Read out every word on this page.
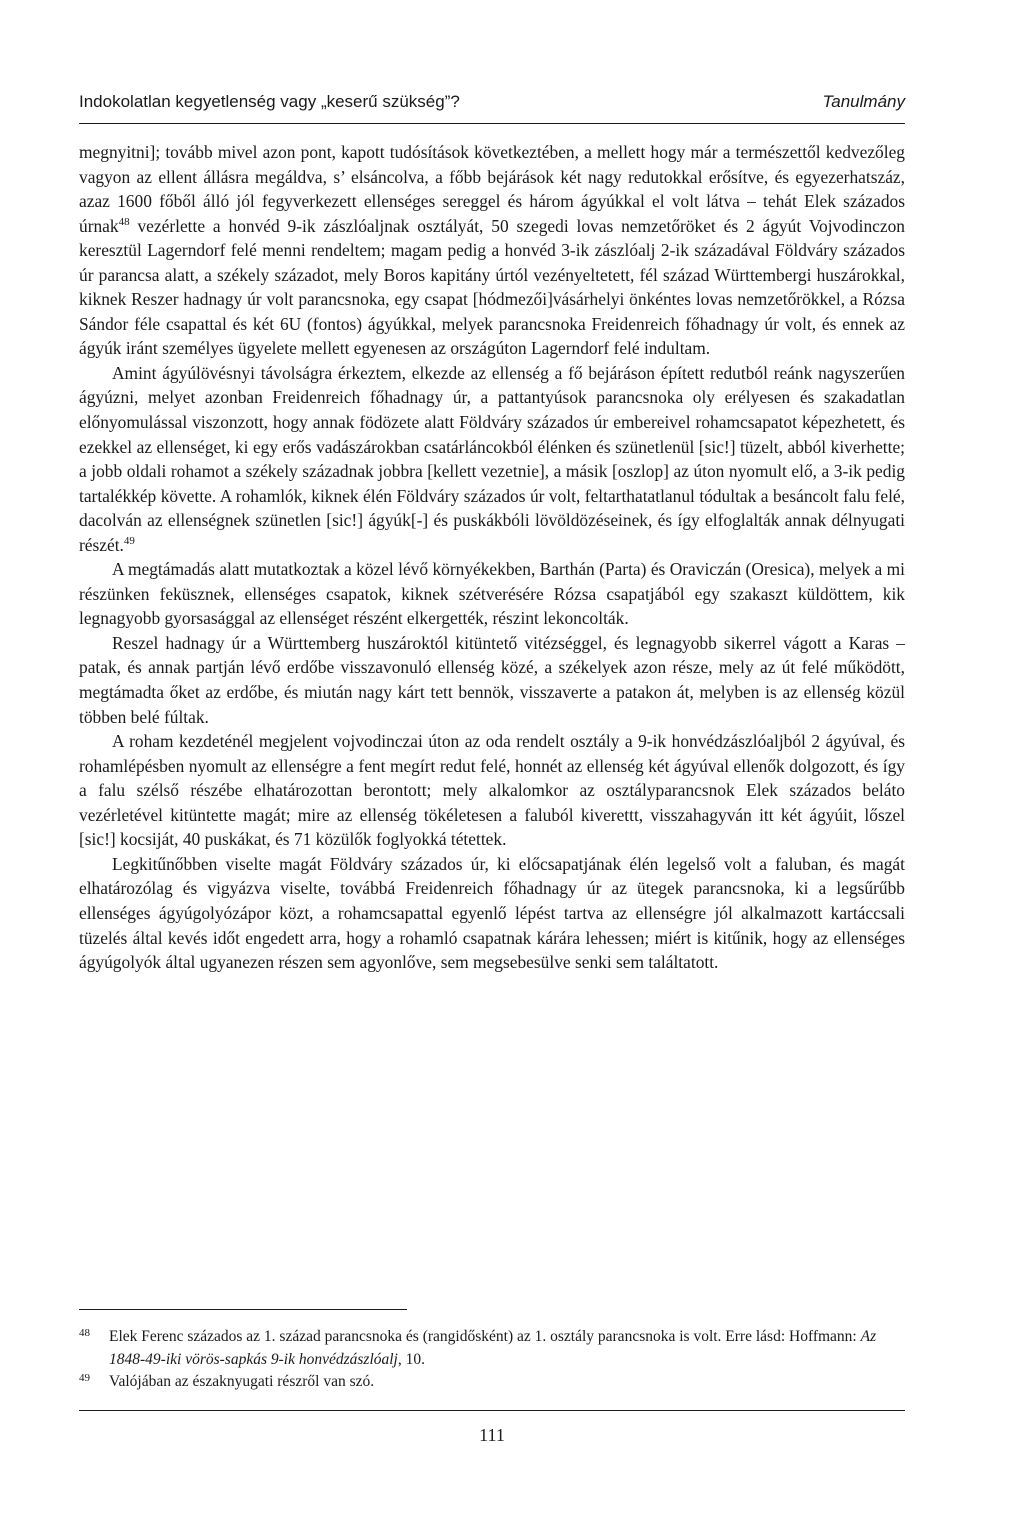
Indokolatlan kegyetlenség vagy „keserű szükség”?	Tanulmány

megnyitni]; tovább mivel azon pont, kapott tudósítások következtében, a mellett hogy már a természettől kedvezőleg vagyon az ellent állásra megáldva, s’ elsáncolva, a főbb bejárások két nagy redutokkal erősítve, és egyezerhatszáz, azaz 1600 főből álló jól fegyverkezett ellenséges sereggel és három ágyúkkal el volt látva – tehát Elek százados úrnak$^{48}$ vezérlette a honvéd 9-ik zászlóaljnak osztályát, 50 szegedi lovas nemzetőröket és 2 ágyút Vojvodinczon keresztül Lagerndorf felé menni rendeltem; magam pedig a honvéd 3-ik zászlóalj 2-ik századával Földváry százados úr parancsa alatt, a székely századot, mely Boros kapitány úrtól vezényeltetett, fél század Württembergi huszárokkal, kiknek Reszer hadnagy úr volt parancsnoka, egy csapat [hódmezői]vásárhelyi önkéntes lovas nemzetőrökkel, a Rózsa Sándor féle csapattal és két 6U (fontos) ágyúkkal, melyek parancsnoka Freidenreich főhadnagy úr volt, és ennek az ágyúk iránt személyes ügyelete mellett egyenesen az országúton Lagerndorf felé indultam.

Amint ágyúlövésnyi távolságra érkeztem, elkezde az ellenség a fő bejáráson épített redutból reánk nagyszerűen ágyúzni, melyet azonban Freidenreich főhadnagy úr, a pattantyúsok parancsnoka oly erélyesen és szakadatlan előnyomulással viszonzott, hogy annak födözete alatt Földváry százados úr embereivel rohamcsapatot képezhetett, és ezekkel az ellenséget, ki egy erős vadászárokban csatárláncokból élénken és szünetlenül [sic!] tüzelt, abból kiverhette; a jobb oldali rohamot a székely századnak jobbra [kellett vezetnie], a másik [oszlop] az úton nyomult elő, a 3-ik pedig tartalékkép követte. A rohamlók, kiknek élén Földváry százados úr volt, feltarthatatlanul tódultak a besáncolt falu felé, dacolván az ellenségnek szünetlen [sic!] ágyúk[-] és puskákbóli lövöldözéseinek, és így elfoglalták annak délnyugati részét.$^{49}$

A megtámadás alatt mutatkoztak a közel lévő környékekben, Barthán (Parta) és Oraviczán (Oresica), melyek a mi részünken feküsznek, ellenséges csapatok, kiknek szétverésére Rózsa csapatjából egy szakaszt küldöttem, kik legnagyobb gyorsasággal az ellenséget részént elkergették, részint lekoncolták.

Reszel hadnagy úr a Württemberg huszároktól kitüntető vitézséggel, és legnagyobb sikerrel vágott a Karas – patak, és annak partján lévő erdőbe visszavonuló ellenség közé, a székelyek azon része, mely az út felé működött, megtámadta őket az erdőbe, és miután nagy kárt tett bennök, visszaverte a patakon át, melyben is az ellenség közül többen belé fúltak.

A roham kezdeténél megjelent vojvodinczai úton az oda rendelt osztály a 9-ik honvédzászlóaljból 2 ágyúval, és rohamlépésben nyomult az ellenségre a fent megírt redut felé, honnét az ellenség két ágyúval ellenők dolgozott, és így a falu szélső részébe elhatározottan berontott; mely alkalomkor az osztályparancsnok Elek százados beláto vezérletével kitüntette magát; mire az ellenség tökéletesen a faluból kiverettt, visszahagyván itt két ágyúit, lőszel [sic!] kocsiját, 40 puskákat, és 71 közülők foglyokká tétettek.

Legkitűnőbben viselte magát Földváry százados úr, ki előcsapatjának élén legelső volt a faluban, és magát elhatározólag és vigyázva viselte, továbbá Freidenreich főhadnagy úr az ütegek parancsnoka, ki a legsűrűbb ellenséges ágyúgolyózápor közt, a rohamcsapattal egyenlő lépést tartva az ellenségre jól alkalmazott kartáccsali tüzelés által kevés időt engedett arra, hogy a rohamló csapatnak kárára lehessen; miért is kitűnik, hogy az ellenséges ágyúgolyók által ugyanezen részen sem agyonlőve, sem megsebesülve senki sem találtatott.

48 Elek Ferenc százados az 1. század parancsnoka és (rangidősként) az 1. osztály parancsnoka is volt. Erre lásd: Hoffmann: Az 1848-49-iki vörös-sapkás 9-ik honvédzászlóalj, 10.
49 Valójában az északnyugati részről van szó.
111
